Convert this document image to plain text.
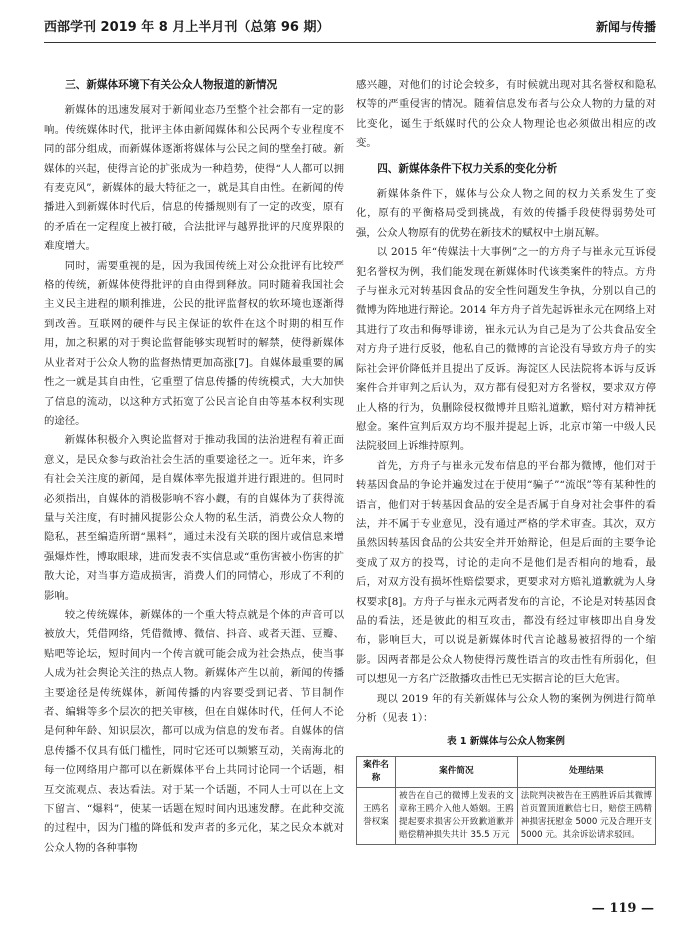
西部学刊 2019 年 8 月上半月刊（总第 96 期）	新闻与传播
三、新媒体环境下有关公众人物报道的新情况

新媒体的迅速发展对于新闻业态乃至整个社会都有一定的影响。传统媒体时代，批评主体由新闻媒体和公民两个专业程度不同的部分组成，而新媒体逐渐将媒体与公民之间的壁垒打破。新媒体的兴起，使得言论的扩张成为一种趋势，使得“人人都可以拥有麦克风”，新媒体的最大特征之一，就是其自由性。在新闻的传播进入到新媒体时代后，信息的传播规则有了一定的改变，原有的矛盾在一定程度上被打破，合法批评与越界批评的尺度界限的难度增大。

同时，需要重视的是，因为我国传统上对公众批评有比较严格的传统，新媒体使得批评的自由得到释放。同时随着我国社会主义民主进程的顺利推进，公民的批评监督权的软环境也逐渐得到改善。互联网的硬件与民主保证的软件在这个时期的相互作用，加之积累的对于舆论监督能够实现暂时的解禁，使得新媒体从业者对于公众人物的监督热情更加高涨[7]。自媒体最重要的属性之一就是其自由性，它重塑了信息传播的传统模式，大大加快了信息的流动，以这种方式拓宽了公民言论自由等基本权利实现的途径。

新媒体积极介入舆论监督对于推动我国的法治进程有着正面意义，是民众参与政治社会生活的重要途径之一。近年来，许多有社会关注度的新闻，是自媒体率先报道并进行跟进的。但同时必须指出，自媒体的消极影响不容小觑，有的自媒体为了获得流量与关注度，有时捕风捉影公众人物的私生活，消费公众人物的隐私，甚至编造所谓“黑料”，通过未没有关联的图片或信息来增强爆炸性，博取眼球，进而发表不实信息或“重伤害被小伤害的扩散大论，对当事方造成损害，消费人们的同情心，形成了不利的影响。

较之传统媒体，新媒体的一个重大特点就是个体的声音可以被放大，凭借网络，凭借微博、微信、抖音、或者天涯、豆瓣、贴吧等论坛，短时间内一个传言就可能会成为社会热点，使当事人成为社会舆论关注的热点人物。新媒体产生以前，新闻的传播主要途径是传统媒体，新闻传播的内容要受到记者、节目制作者、编辑等多个层次的把关审核，但在自媒体时代，任何人不论是何种年龄、知识层次，都可以成为信息的发布者。自媒体的信息传播不仅具有低门槛性，同时它还可以频繁互动，关南海北的每一位网络用户都可以在新媒体平台上共同讨论同一个话题，相互交流观点、表达看法。对于某一个话题，不同人士可以在上文下留言、“爆料”，使某一话题在短时间内迅速发酵。在此种交流的过程中，因为门槛的降低和发声者的多元化，某之民众本就对公众人物的各种事物

感兴趣，对他们的讨论会较多，有时候就出现对其名誉权和隐私权等的严重侵害的情况。随着信息发布者与公众人物的力量的对比变化，诞生于纸媒时代的公众人物理论也必须做出相应的改变。

四、新媒体条件下权力关系的变化分析

新媒体条件下，媒体与公众人物之间的权力关系发生了变化，原有的平衡格局受到挑战，有效的传播手段使得弱势处可强，公众人物原有的优势在新技术的赋权中土崩瓦解。

以 2015 年“传媒法十大事例”之一的方舟子与崔永元互诉侵犯名誉权为例，我们能发现在新媒体时代该类案件的特点。方舟子与崔永元对转基因食品的安全性问题发生争执，分别以自己的微博为阵地进行辩论。2014 年方舟子首先起诉崔永元在网络上对其进行了攻击和侮辱诽谤，崔永元认为自己是为了公共食品安全对方舟子进行反驳，他私自己的微博的言论没有导致方舟子的实际社会评价降低并且提出了反诉。海淀区人民法院将本诉与反诉案件合并审判之后认为，双方都有侵犯对方名誉权，要求双方停止人格的行为，负删除侵权微博并且赔礼道歉，赔付对方精神抚慰金。案件宣判后双方均不服并提起上诉，北京市第一中级人民法院驳回上诉维持原判。

首先，方舟子与崔永元发布信息的平台都为微博，他们对于转基因食品的争论并遍发过在于使用“骗子”“流氓”等有某种性的语言，他们对于转基因食品的安全是否属于自身对社会事件的看法，并不属于专业意见，没有通过严格的学术审查。其次，双方虽然因转基因食品的公共安全并开始辩论，但是后面的主要争论变成了双方的投骂，讨论的走向不是他们是否相向的地看，最后，对双方没有损坏性赔偿要求，更要求对方赔礼道歉就为人身权要求[8]。方舟子与崔永元两者发布的言论，不论是对转基因食品的看法，还是彼此的相互攻击，都没有经过审核即出自身发布，影响巨大，可以说是新媒体时代言论越易被招得的一个缩影。因两者都是公众人物使得污蔑性语言的攻击性有所弱化，但可以想见一方名广泛散播攻击性已无实据言论的巨大危害。

现以 2019 年的有关新媒体与公众人物的案例为例进行简单分析（见表 1）：

表 1 新媒体与公众人物案例
案件名称	案件简况	处理结果
王鸥名誉权案	被告在自己的微博上发表的文章称王鸥介入他人婚姻。王鸥提起要求损害公开致歉道歉并赔偿精神损失共计 35.5 万元	法院判决被告在王鸥胜诉后其微博首页置顶道歉信七日，赔偿王鸥精神损害抚慰金 5000 元及合理开支 5000 元。其余诉讼请求驳回。
— 119 —
